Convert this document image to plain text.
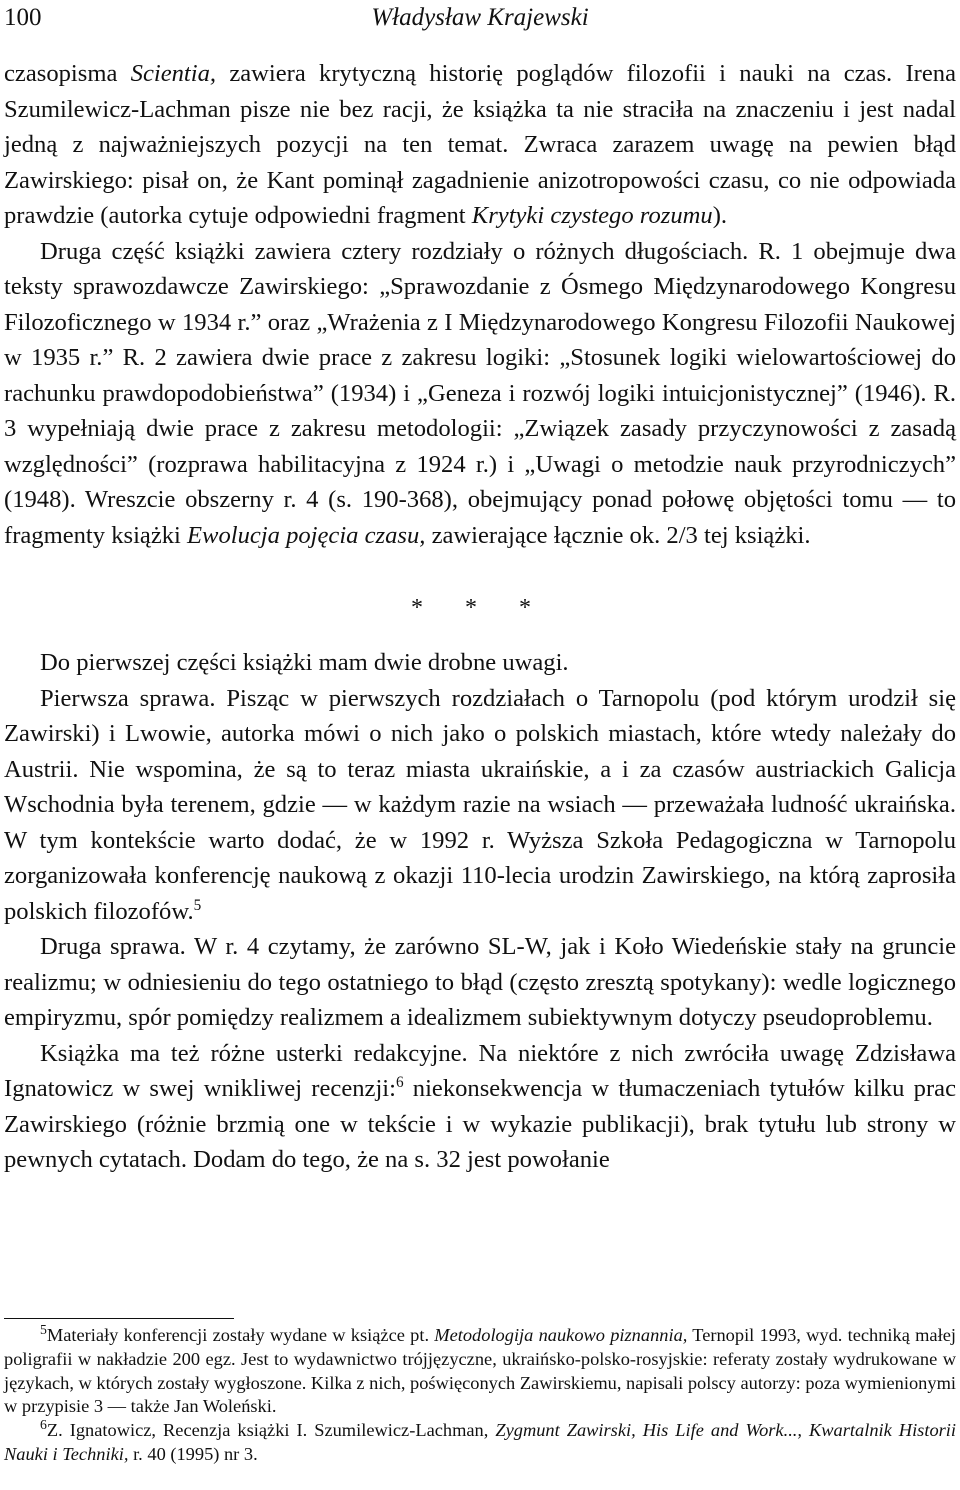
100	Władysław Krajewski

czasopisma Scientia, zawiera krytyczną historię poglądów filozofii i nauki na czas. Irena Szumilewicz-Lachman pisze nie bez racji, że książka ta nie straciła na znaczeniu i jest nadal jedną z najważniejszych pozycji na ten temat. Zwraca zarazem uwagę na pewien błąd Zawirskiego: pisał on, że Kant pominął zagadnienie anizotropowości czasu, co nie odpowiada prawdzie (autorka cytuje odpowiedni fragment Krytyki czystego rozumu).

Druga część książki zawiera cztery rozdziały o różnych długościach. R. 1 obejmuje dwa teksty sprawozdawcze Zawirskiego: „Sprawozdanie z Ósmego Międzynarodowego Kongresu Filozoficznego w 1934 r.” oraz „Wrażenia z I Międzynarodowego Kongresu Filozofii Naukowej w 1935 r.” R. 2 zawiera dwie prace z zakresu logiki: „Stosunek logiki wielowartościowej do rachunku prawdopodobieństwa” (1934) i „Geneza i rozwój logiki intuicjonistycznej” (1946). R. 3 wypełniają dwie prace z zakresu metodologii: „Związek zasady przyczynowości z zasadą względności” (rozprawa habilitacyjna z 1924 r.) i „Uwagi o metodzie nauk przyrodniczych” (1948). Wreszcie obszerny r. 4 (s. 190-368), obejmujący ponad połowę objętości tomu — to fragmenty książki Ewolucja pojęcia czasu, zawierające łącznie ok. 2/3 tej książki.

* * *

Do pierwszej części książki mam dwie drobne uwagi.

Pierwsza sprawa. Pisząc w pierwszych rozdziałach o Tarnopolu (pod którym urodził się Zawirski) i Lwowie, autorka mówi o nich jako o polskich miastach, które wtedy należały do Austrii. Nie wspomina, że są to teraz miasta ukraińskie, a i za czasów austriackich Galicja Wschodnia była terenem, gdzie — w każdym razie na wsiach — przeważała ludność ukraińska. W tym kontekście warto dodać, że w 1992 r. Wyższa Szkoła Pedagogiczna w Tarnopolu zorganizowała konferencję naukową z okazji 110-lecia urodzin Zawirskiego, na którą zaprosiła polskich filozofów.$^5$

Druga sprawa. W r. 4 czytamy, że zarówno SL-W, jak i Koło Wiedeńskie stały na gruncie realizmu; w odniesieniu do tego ostatniego to błąd (często zresztą spotykany): wedle logicznego empiryzmu, spór pomiędzy realizmem a idealizmem subiektywnym dotyczy pseudoproblemu.

Książka ma też różne usterki redakcyjne. Na niektóre z nich zwróciła uwagę Zdzisława Ignatowicz w swej wnikliwej recenzji:$^6$ niekonsekwencja w tłumaczeniach tytułów kilku prac Zawirskiego (różnie brzmią one w tekście i w wykazie publikacji), brak tytułu lub strony w pewnych cytatach. Dodam do tego, że na s. 32 jest powołanie

$^5$Materiały konferencji zostały wydane w książce pt. Metodologija naukowo piznannia, Ternopil 1993, wyd. techniką małej poligrafii w nakładzie 200 egz. Jest to wydawnictwo trójjęzyczne, ukraińsko-polsko-rosyjskie: referaty zostały wydrukowane w językach, w których zostały wygłoszone. Kilka z nich, poświęconych Zawirskiemu, napisali polscy autorzy: poza wymienionymi w przypisie 3 — także Jan Woleński.

$^6$Z. Ignatowicz, Recenzja książki I. Szumilewicz-Lachman, Zygmunt Zawirski, His Life and Work..., Kwartalnik Historii Nauki i Techniki, r. 40 (1995) nr 3.
